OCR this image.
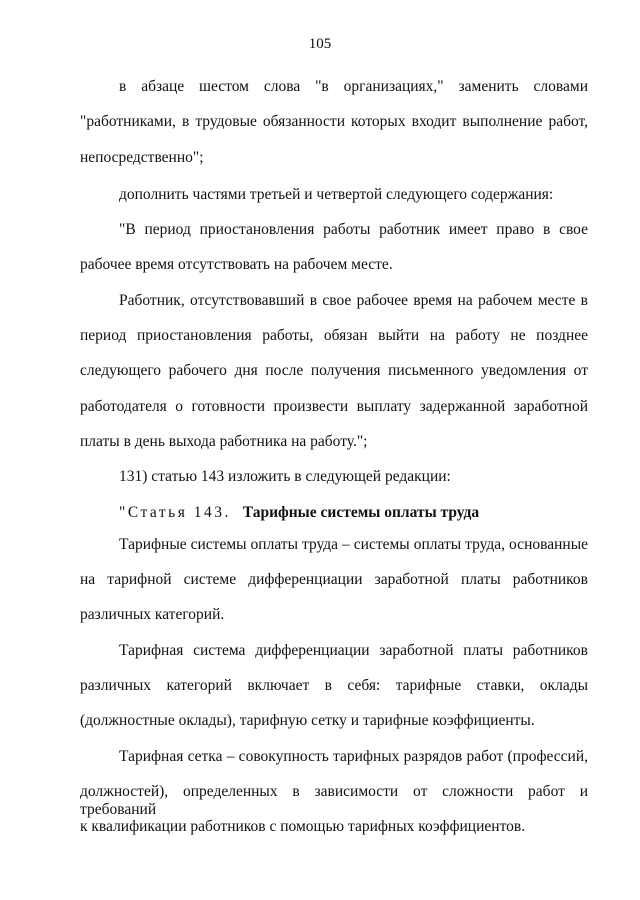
105
в абзаце шестом слова "в организациях," заменить словами
"работниками, в трудовые обязанности которых входит выполнение работ,
непосредственно";
дополнить частями третьей и четвертой следующего содержания:
"В период приостановления работы работник имеет право в свое
рабочее время отсутствовать на рабочем месте.
Работник, отсутствовавший в свое рабочее время на рабочем месте в
период приостановления работы, обязан выйти на работу не позднее
следующего рабочего дня после получения письменного уведомления от
работодателя о готовности произвести выплату задержанной заработной
платы в день выхода работника на работу.";
131) статью 143 изложить в следующей редакции:
"Статья 143. Тарифные системы оплаты труда
Тарифные системы оплаты труда – системы оплаты труда, основанные
на тарифной системе дифференциации заработной платы работников
различных категорий.
Тарифная система дифференциации заработной платы работников
различных категорий включает в себя: тарифные ставки, оклады
(должностные оклады), тарифную сетку и тарифные коэффициенты.
Тарифная сетка – совокупность тарифных разрядов работ (профессий,
должностей), определенных в зависимости от сложности работ и требований
к квалификации работников с помощью тарифных коэффициентов.
